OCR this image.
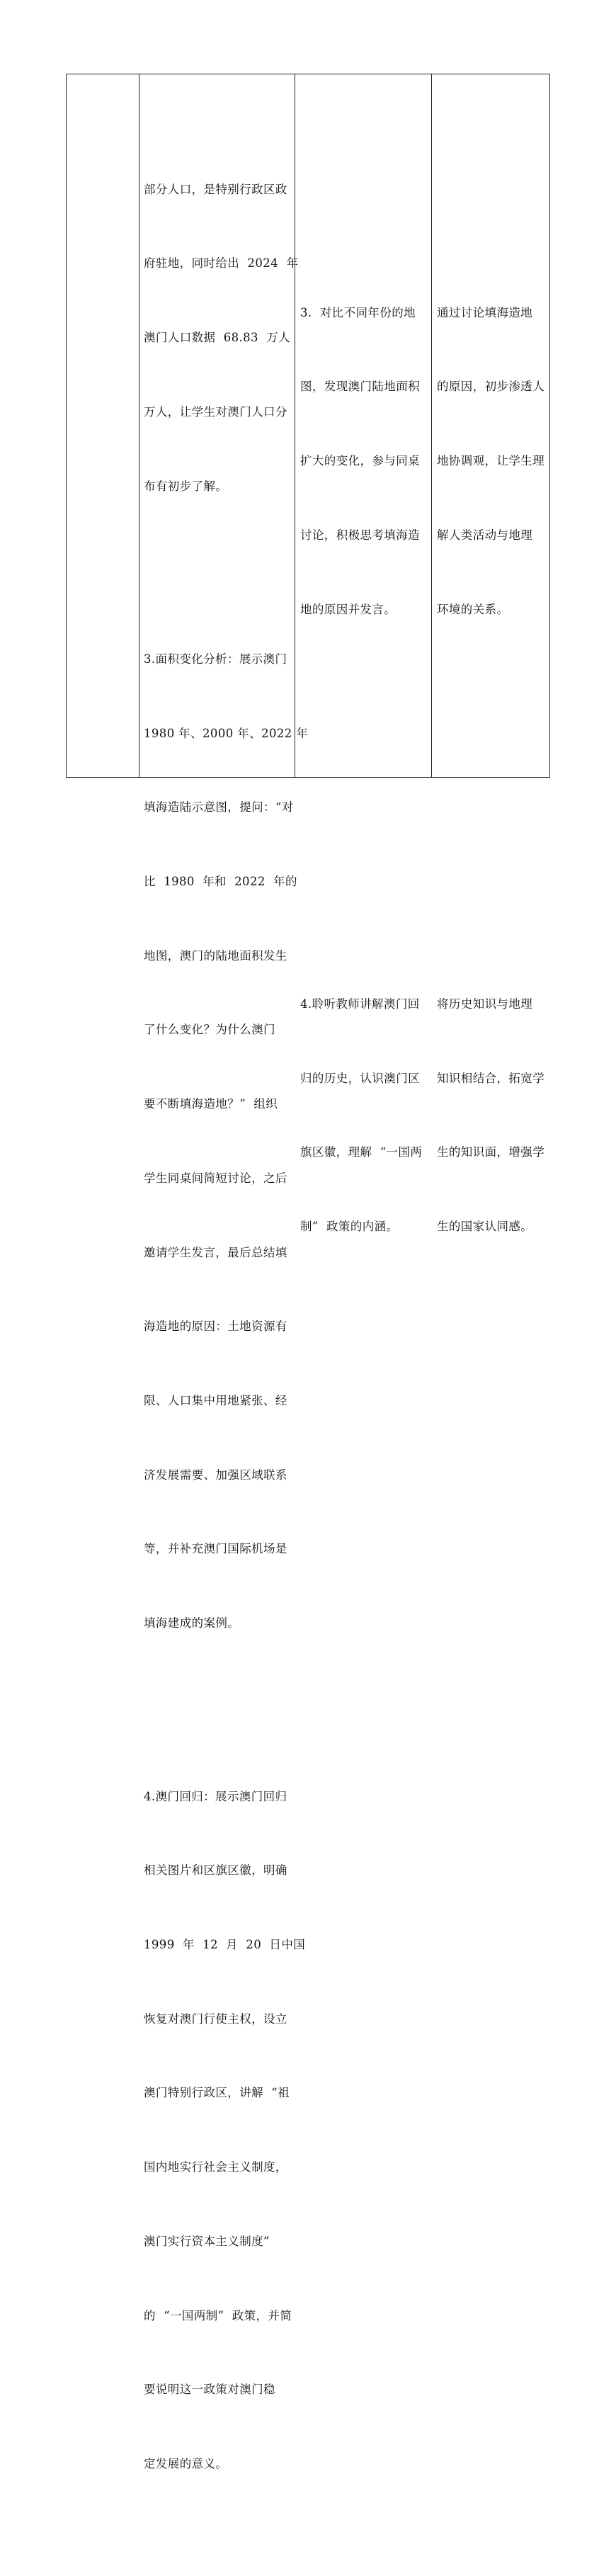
部分人口，是特别行政区政

府驻地，同时给出  2024  年

澳门人口数据  68.83  万人

万人，让学生对澳门人口分

布有初步了解。

3.面积变化分析：展示澳门

1980 年、2000 年、2022 年

填海造陆示意图，提问：“对

比  1980  年和  2022  年的

地图，澳门的陆地面积发生

了什么变化？为什么澳门

要不断填海造地？”  组织

学生同桌间简短讨论，之后

邀请学生发言，最后总结填

海造地的原因：土地资源有

限、人口集中用地紧张、经

济发展需要、加强区域联系

等，并补充澳门国际机场是

填海建成的案例。

4.澳门回归：展示澳门回归

相关图片和区旗区徽，明确

1999  年  12  月  20  日中国

恢复对澳门行使主权，设立

澳门特别行政区，讲解  “祖

国内地实行社会主义制度，

澳门实行资本主义制度”

的  “一国两制”  政策，并简

要说明这一政策对澳门稳

定发展的意义。

3.  对比不同年份的地

图，发现澳门陆地面积

扩大的变化，参与同桌

讨论，积极思考填海造

地的原因并发言。

4.聆听教师讲解澳门回

归的历史，认识澳门区

旗区徽，理解  “一国两

制”  政策的内涵。

通过讨论填海造地

的原因，初步渗透人

地协调观，让学生理

解人类活动与地理

环境的关系。

将历史知识与地理

知识相结合，拓宽学

生的知识面，增强学

生的国家认同感。
